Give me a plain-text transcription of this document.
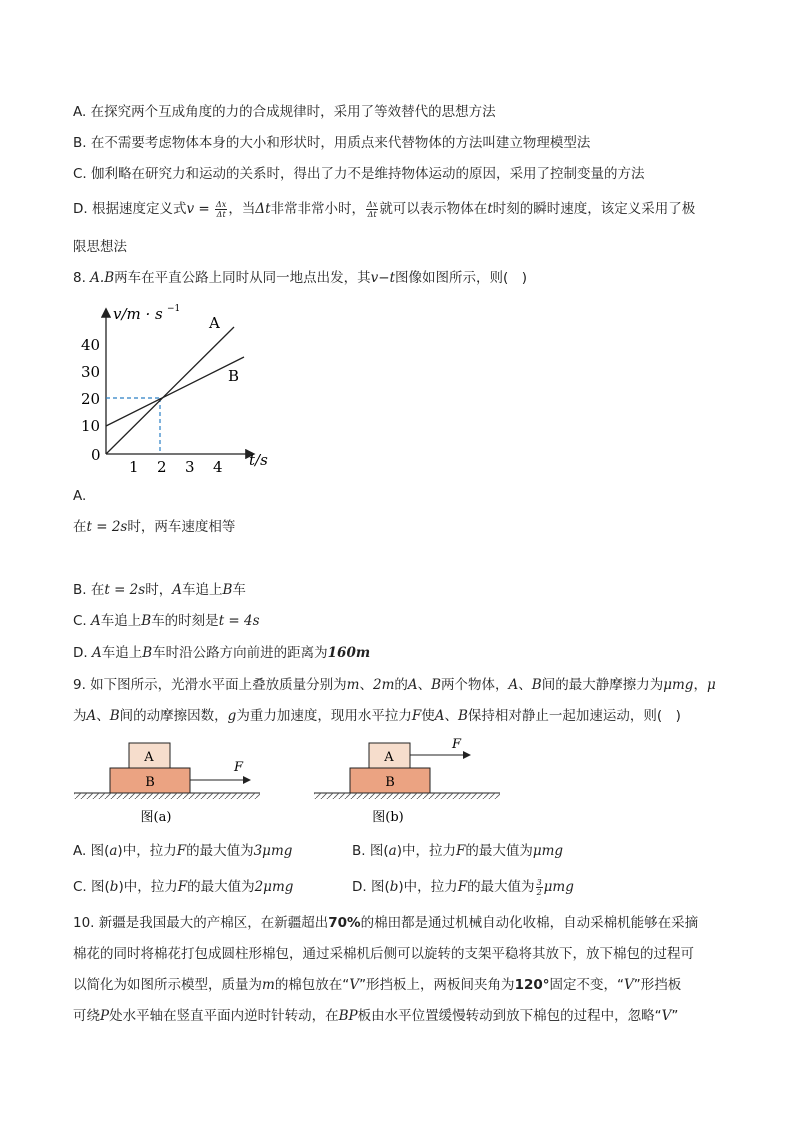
A. 在探究两个互成角度的力的合成规律时，采用了等效替代的思想方法
B. 在不需要考虑物体本身的大小和形状时，用质点来代替物体的方法叫建立物理模型法
C. 伽利略在研究力和运动的关系时，得出了力不是维持物体运动的原因，采用了控制变量的方法
D. 根据速度定义式$v = \frac{\Delta x}{\Delta t}$ ，当Δt非常非常小时， $\frac{\Delta x}{\Delta t}$ 就可以表示物体在t时刻的瞬时速度，该定义采用了极
限思想法
8. A.B两车在平直公路上同时从同一地点出发，其v−t图像如图所示，则(　)
v/m · s −1
t/s
0
10
20
30
40
1 2 3 4
A
B
A.
在t = 2s时，两车速度相等
B. 在t = 2s时，A车追上B车
C. A车追上B车的时刻是t = 4s
D. A车追上B车时沿公路方向前进的距离为160m
9. 如下图所示，光滑水平面上叠放质量分别为m、2m的A、B两个物体，A、B间的最大静摩擦力为μmg，μ
为A、B间的动摩擦因数，g为重力加速度，现用水平拉力F使A、B保持相对静止一起加速运动，则(　)
A
B
F
图(a)
A
B
F
图(b)
A. 图(a)中，拉力F的最大值为3μmg	B. 图(a)中，拉力F的最大值为μmg
C. 图(b)中，拉力F的最大值为2μmg	D. 图(b)中，拉力F的最大值为 $\frac{3}{2}$ μmg
10. 新疆是我国最大的产棉区，在新疆超出70%的棉田都是通过机械自动化收棉，自动采棉机能够在采摘
棉花的同时将棉花打包成圆柱形棉包，通过采棉机后侧可以旋转的支架平稳将其放下，放下棉包的过程可
以简化为如图所示模型，质量为m的棉包放在“V”形挡板上，两板间夹角为120°固定不变，“V”形挡板
可绕P处水平轴在竖直平面内逆时针转动，在BP板由水平位置缓慢转动到放下棉包的过程中，忽略“V”
